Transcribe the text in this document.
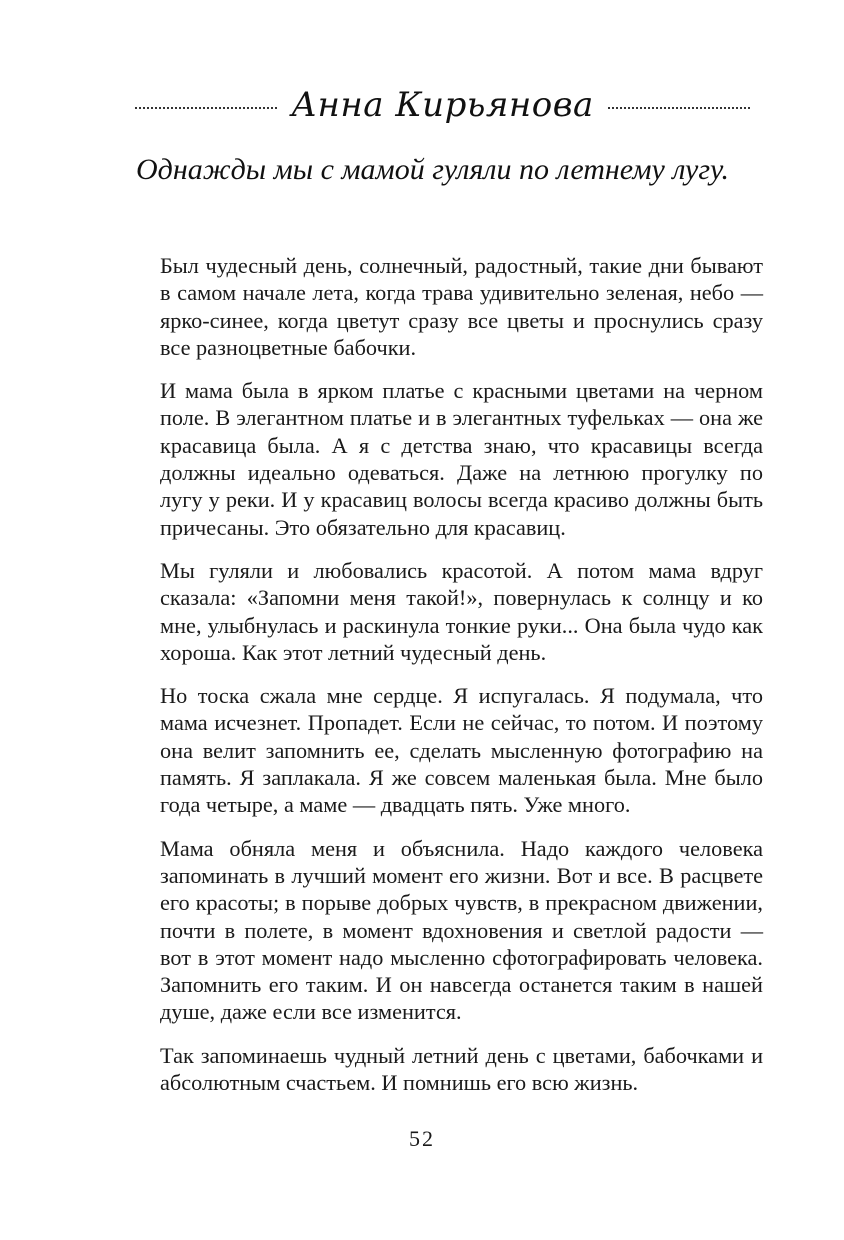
Анна Кирьянова
Однажды мы с мамой гуляли по летнему лугу.

Был чудесный день, солнечный, радостный, такие дни бывают в самом начале лета, когда трава удивительно зеленая, небо — ярко-синее, когда цветут сразу все цветы и проснулись сразу все разноцветные бабочки.

И мама была в ярком платье с красными цветами на черном поле. В элегантном платье и в элегантных туфельках — она же красавица была. А я с детства знаю, что красавицы всегда должны идеально одеваться. Даже на летнюю прогулку по лугу у реки. И у красавиц волосы всегда красиво должны быть причесаны. Это обязательно для красавиц.

Мы гуляли и любовались красотой. А потом мама вдруг сказала: «Запомни меня такой!», повернулась к солнцу и ко мне, улыбнулась и раскинула тонкие руки... Она была чудо как хороша. Как этот летний чудесный день.

Но тоска сжала мне сердце. Я испугалась. Я подумала, что мама исчезнет. Пропадет. Если не сейчас, то потом. И поэтому она велит запомнить ее, сделать мысленную фотографию на память. Я заплакала. Я же совсем маленькая была. Мне было года четыре, а маме — двадцать пять. Уже много.

Мама обняла меня и объяснила. Надо каждого человека запоминать в лучший момент его жизни. Вот и все. В расцвете его красоты; в порыве добрых чувств, в прекрасном движении, почти в полете, в момент вдохновения и светлой радости — вот в этот момент надо мысленно сфотографировать человека. Запомнить его таким. И он навсегда останется таким в нашей душе, даже если все изменится.

Так запоминаешь чудный летний день с цветами, бабочками и абсолютным счастьем. И помнишь его всю жизнь.

52
